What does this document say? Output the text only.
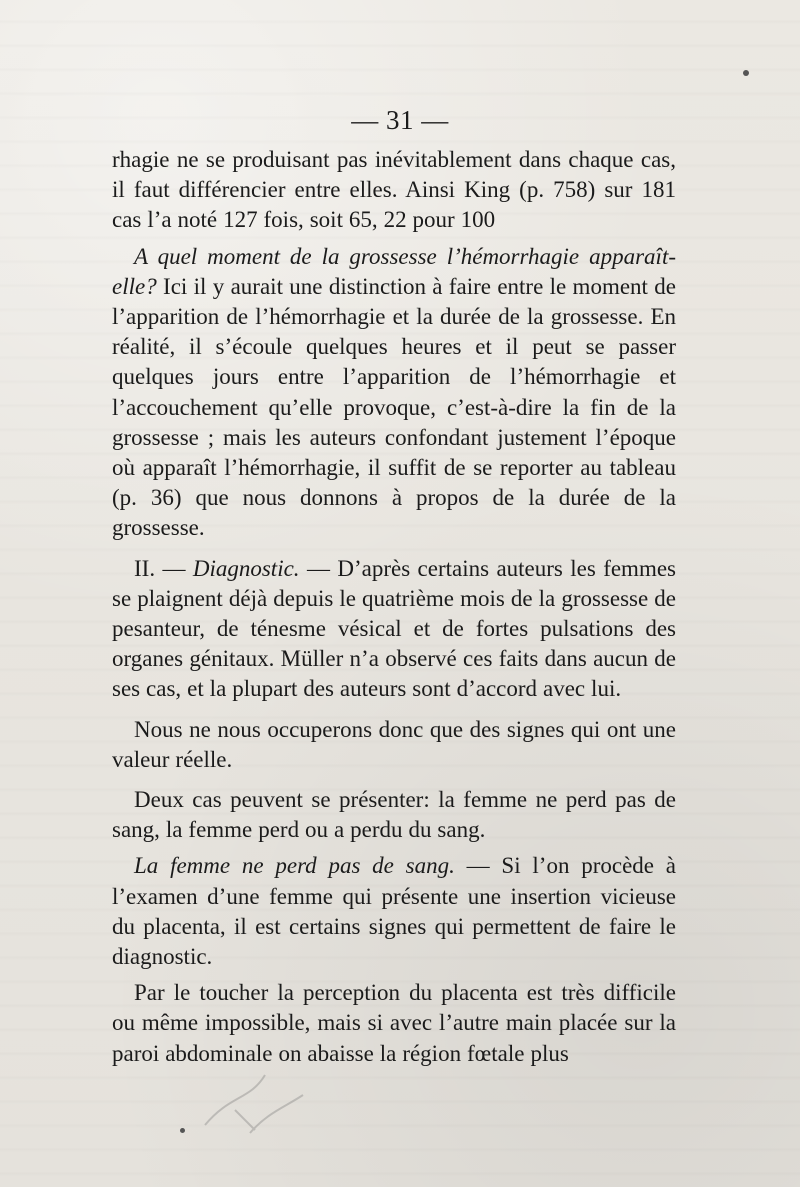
— 31 —

rhagie ne se produisant pas inévitablement dans chaque cas, il faut différencier entre elles. Ainsi King (p. 758) sur 181 cas l’a noté 127 fois, soit 65, 22 pour 100

A quel moment de la grossesse l’hémorrhagie apparaît-elle? Ici il y aurait une distinction à faire entre le moment de l’apparition de l’hémorrhagie et la durée de la grossesse. En réalité, il s’écoule quelques heures et il peut se passer quelques jours entre l’apparition de l’hémorrhagie et l’accouchement qu’elle provoque, c’est-à-dire la fin de la grossesse ; mais les auteurs confondant justement l’époque où apparaît l’hémorrhagie, il suffit de se reporter au tableau (p. 36) que nous donnons à propos de la durée de la grossesse.

II. — Diagnostic. — D’après certains auteurs les femmes se plaignent déjà depuis le quatrième mois de la grossesse de pesanteur, de ténesme vésical et de fortes pulsations des organes génitaux. Müller n’a observé ces faits dans aucun de ses cas, et la plupart des auteurs sont d’accord avec lui.

Nous ne nous occuperons donc que des signes qui ont une valeur réelle.

Deux cas peuvent se présenter: la femme ne perd pas de sang, la femme perd ou a perdu du sang.

La femme ne perd pas de sang. — Si l’on procède à l’examen d’une femme qui présente une insertion vicieuse du placenta, il est certains signes qui permettent de faire le diagnostic.

Par le toucher la perception du placenta est très difficile ou même impossible, mais si avec l’autre main placée sur la paroi abdominale on abaisse la région fœtale plus
